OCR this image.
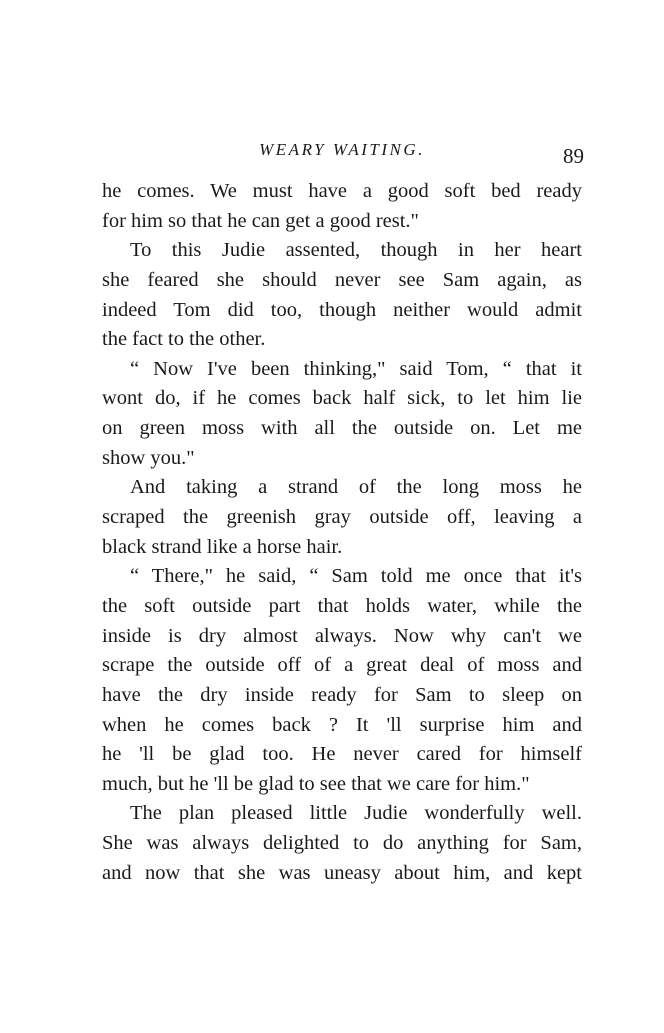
WEARY WAITING.	89
he comes. We must have a good soft bed ready
for him so that he can get a good rest."
To this Judie assented, though in her heart
she feared she should never see Sam again, as
indeed Tom did too, though neither would admit
the fact to the other.
“ Now I've been thinking," said Tom, “ that it
wont do, if he comes back half sick, to let him lie
on green moss with all the outside on. Let me
show you."
And taking a strand of the long moss he
scraped the greenish gray outside off, leaving a
black strand like a horse hair.
“ There," he said, “ Sam told me once that it's
the soft outside part that holds water, while the
inside is dry almost always. Now why can't we
scrape the outside off of a great deal of moss and
have the dry inside ready for Sam to sleep on
when he comes back ? It 'll surprise him and
he 'll be glad too. He never cared for himself
much, but he 'll be glad to see that we care for him."
The plan pleased little Judie wonderfully well.
She was always delighted to do anything for Sam,
and now that she was uneasy about him, and kept
